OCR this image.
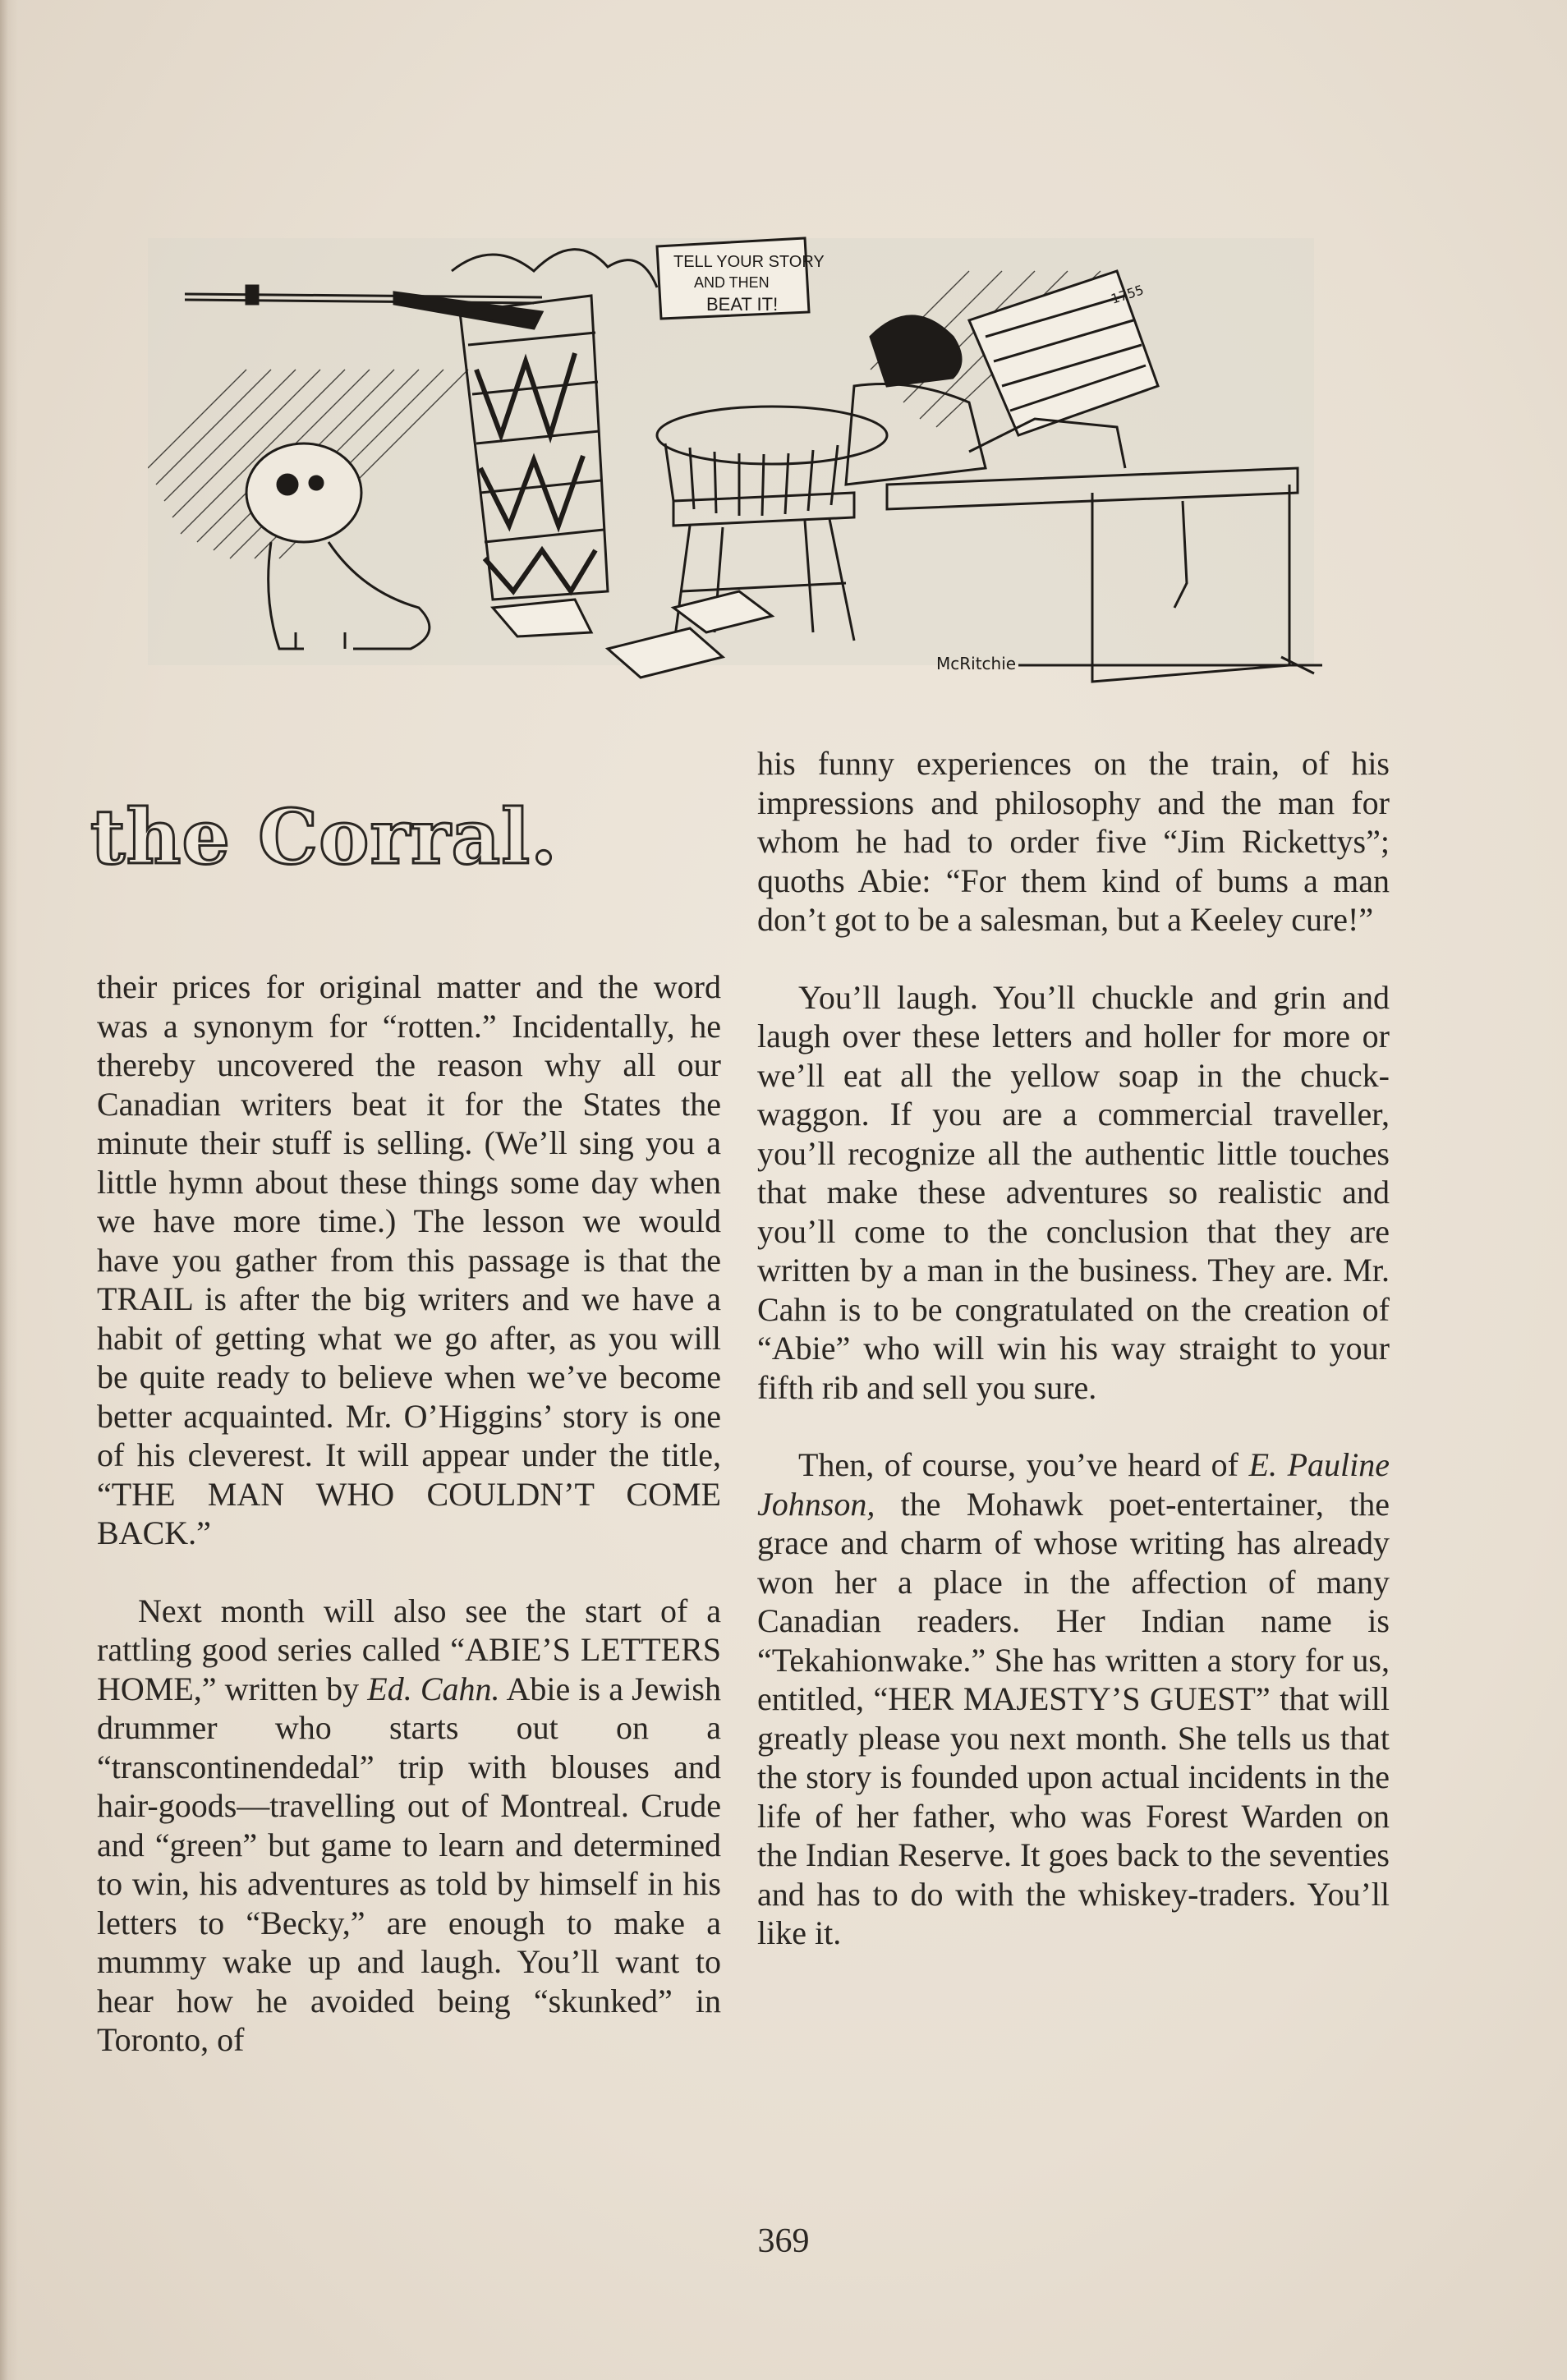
TELL YOUR STORY
AND THEN
BEAT IT!
McRitchie
1755
the Corral.

their prices for original matter and the word was a synonym for “rotten.” Incidentally, he thereby uncovered the reason why all our Canadian writers beat it for the States the minute their stuff is selling. (We’ll sing you a little hymn about these things some day when we have more time.) The lesson we would have you gather from this passage is that the TRAIL is after the big writers and we have a habit of getting what we go after, as you will be quite ready to believe when we’ve become better acquainted. Mr. O’Higgins’ story is one of his cleverest. It will appear under the title, “THE MAN WHO COULDN’T COME BACK.”

Next month will also see the start of a rattling good series called “ABIE’S LETTERS HOME,” written by Ed. Cahn. Abie is a Jewish drummer who starts out on a “transcontinendedal” trip with blouses and hair-goods—travelling out of Montreal. Crude and “green” but game to learn and determined to win, his adventures as told by himself in his letters to “Becky,” are enough to make a mummy wake up and laugh. You’ll want to hear how he avoided being “skunked” in Toronto, of

his funny experiences on the train, of his impressions and philosophy and the man for whom he had to order five “Jim Rickettys”; quoths Abie: “For them kind of bums a man don’t got to be a salesman, but a Keeley cure!”

You’ll laugh. You’ll chuckle and grin and laugh over these letters and holler for more or we’ll eat all the yellow soap in the chuck-waggon. If you are a commercial traveller, you’ll recognize all the authentic little touches that make these adventures so realistic and you’ll come to the conclusion that they are written by a man in the business. They are. Mr. Cahn is to be congratulated on the creation of “Abie” who will win his way straight to your fifth rib and sell you sure.

Then, of course, you’ve heard of E. Pauline Johnson, the Mohawk poet-entertainer, the grace and charm of whose writing has already won her a place in the affection of many Canadian readers. Her Indian name is “Tekahionwake.” She has written a story for us, entitled, “HER MAJESTY’S GUEST” that will greatly please you next month. She tells us that the story is founded upon actual incidents in the life of her father, who was Forest Warden on the Indian Reserve. It goes back to the seventies and has to do with the whiskey-traders. You’ll like it.

369
